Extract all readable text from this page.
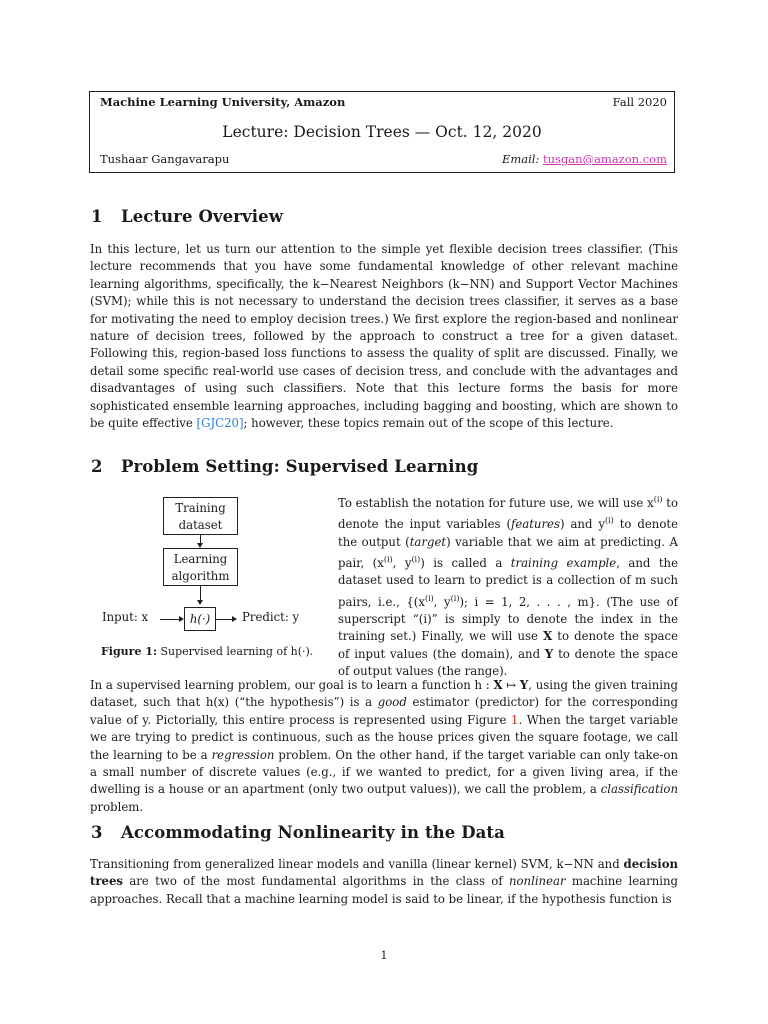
Machine Learning University, Amazon	Fall 2020
Lecture: Decision Trees — Oct. 12, 2020
Tushaar Gangavarapu	Email: tusgan@amazon.com
1 Lecture Overview

In this lecture, let us turn our attention to the simple yet flexible decision trees classifier. (This lecture recommends that you have some fundamental knowledge of other relevant machine learning algorithms, specifically, the k−Nearest Neighbors (k−NN) and Support Vector Machines (SVM); while this is not necessary to understand the decision trees classifier, it serves as a base for motivating the need to employ decision trees.) We first explore the region-based and nonlinear nature of decision trees, followed by the approach to construct a tree for a given dataset. Following this, region-based loss functions to assess the quality of split are discussed. Finally, we detail some specific real-world use cases of decision tress, and conclude with the advantages and disadvantages of using such classifiers. Note that this lecture forms the basis for more sophisticated ensemble learning approaches, including bagging and boosting, which are shown to be quite effective [GJC20]; however, these topics remain out of the scope of this lecture.

2 Problem Setting: Supervised Learning
Training dataset
Learning algorithm
h(·)
Input: x	Predict: y
Figure 1: Supervised learning of h(·).

To establish the notation for future use, we will use $x^{(i)}$ to denote the input variables (features) and $y^{(i)}$ to denote the output (target) variable that we aim at predicting. A pair, ($x^{(i)}$, $y^{(i)}$) is called a training example, and the dataset used to learn to predict is a collection of m such pairs, i.e., {($x^{(i)}$, $y^{(i)}$); i = 1, 2, . . . , m}. (The use of superscript “(i)” is simply to denote the index in the training set.) Finally, we will use X to denote the space of input values (the domain), and Y to denote the space of output values (the range).

In a supervised learning problem, our goal is to learn a function h : X ↦ Y, using the given training dataset, such that h(x) (“the hypothesis”) is a good estimator (predictor) for the corresponding value of y. Pictorially, this entire process is represented using Figure 1. When the target variable we are trying to predict is continuous, such as the house prices given the square footage, we call the learning to be a regression problem. On the other hand, if the target variable can only take-on a small number of discrete values (e.g., if we wanted to predict, for a given living area, if the dwelling is a house or an apartment (only two output values)), we call the problem, a classification problem.

3 Accommodating Nonlinearity in the Data

Transitioning from generalized linear models and vanilla (linear kernel) SVM, k−NN and decision trees are two of the most fundamental algorithms in the class of nonlinear machine learning approaches. Recall that a machine learning model is said to be linear, if the hypothesis function is

1
